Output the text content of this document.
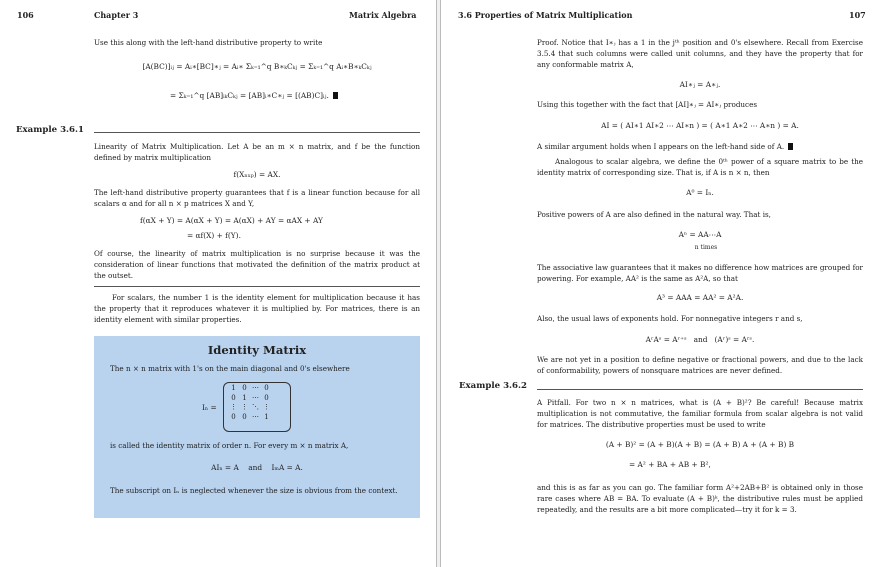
106	Chapter 3	Matrix Algebra
Use this along with the left-hand distributive property to write
[A(BC)]ᵢⱼ = Aᵢ∗[BC]∗ⱼ = Aᵢ∗ Σₖ₌₁^q B∗ₖCₖⱼ = Σₖ₌₁^q Aᵢ∗B∗ₖCₖⱼ
= Σₖ₌₁^q [AB]ᵢₖCₖⱼ = [AB]ᵢ∗C∗ⱼ = [(AB)C]ᵢⱼ.
Example 3.6.1
Linearity of Matrix Multiplication. Let A be an m × n matrix, and f be the function defined by matrix multiplication
f(Xₙₓₚ) = AX.
The left-hand distributive property guarantees that f is a linear function because for all scalars α and for all n × p matrices X and Y,
f(αX + Y) = A(αX + Y) = A(αX) + AY = αAX + AY
= αf(X) + f(Y).
Of course, the linearity of matrix multiplication is no surprise because it was the consideration of linear functions that motivated the definition of the matrix product at the outset.
For scalars, the number 1 is the identity element for multiplication because it has the property that it reproduces whatever it is multiplied by. For matrices, there is an identity element with similar properties.
Identity Matrix
The n × n matrix with 1's on the main diagonal and 0's elsewhere
Iₙ =
1 0 ⋯ 0
0 1 ⋯ 0
⋮ ⋮ ⋱ ⋮
0 0 ⋯ 1
is called the identity matrix of order n. For every m × n matrix A,
AIₙ = A    and    IₘA = A.
The subscript on Iₙ is neglected whenever the size is obvious from the context.
3.6 Properties of Matrix Multiplication	107
Proof. Notice that I∗ⱼ has a 1 in the jᵗʰ position and 0's elsewhere. Recall from Exercise 3.5.4 that such columns were called unit columns, and they have the property that for any conformable matrix A,
AI∗ⱼ = A∗ⱼ.
Using this together with the fact that [AI]∗ⱼ = AI∗ⱼ produces
AI = ( AI∗1 AI∗2 ⋯ AI∗n ) = ( A∗1 A∗2 ⋯ A∗n ) = A.
A similar argument holds when I appears on the left-hand side of A.
Analogous to scalar algebra, we define the 0ᵗʰ power of a square matrix to be the identity matrix of corresponding size. That is, if A is n × n, then
A⁰ = Iₙ.
Positive powers of A are also defined in the natural way. That is,
Aⁿ = AA⋯A
n times
The associative law guarantees that it makes no difference how matrices are grouped for powering. For example, AA² is the same as A²A, so that
A³ = AAA = AA² = A²A.
Also, the usual laws of exponents hold. For nonnegative integers r and s,
AʳAˢ = Aʳ⁺ˢ   and   (Aʳ)ˢ = Aʳˢ.
We are not yet in a position to define negative or fractional powers, and due to the lack of conformability, powers of nonsquare matrices are never defined.
Example 3.6.2
A Pitfall. For two n × n matrices, what is (A + B)²? Be careful! Because matrix multiplication is not commutative, the familiar formula from scalar algebra is not valid for matrices. The distributive properties must be used to write
(A + B)² = (A + B)(A + B) = (A + B) A + (A + B) B
= A² + BA + AB + B²,
and this is as far as you can go. The familiar form A²+2AB+B² is obtained only in those rare cases where AB = BA. To evaluate (A + B)ᵏ, the distributive rules must be applied repeatedly, and the results are a bit more complicated—try it for k = 3.
